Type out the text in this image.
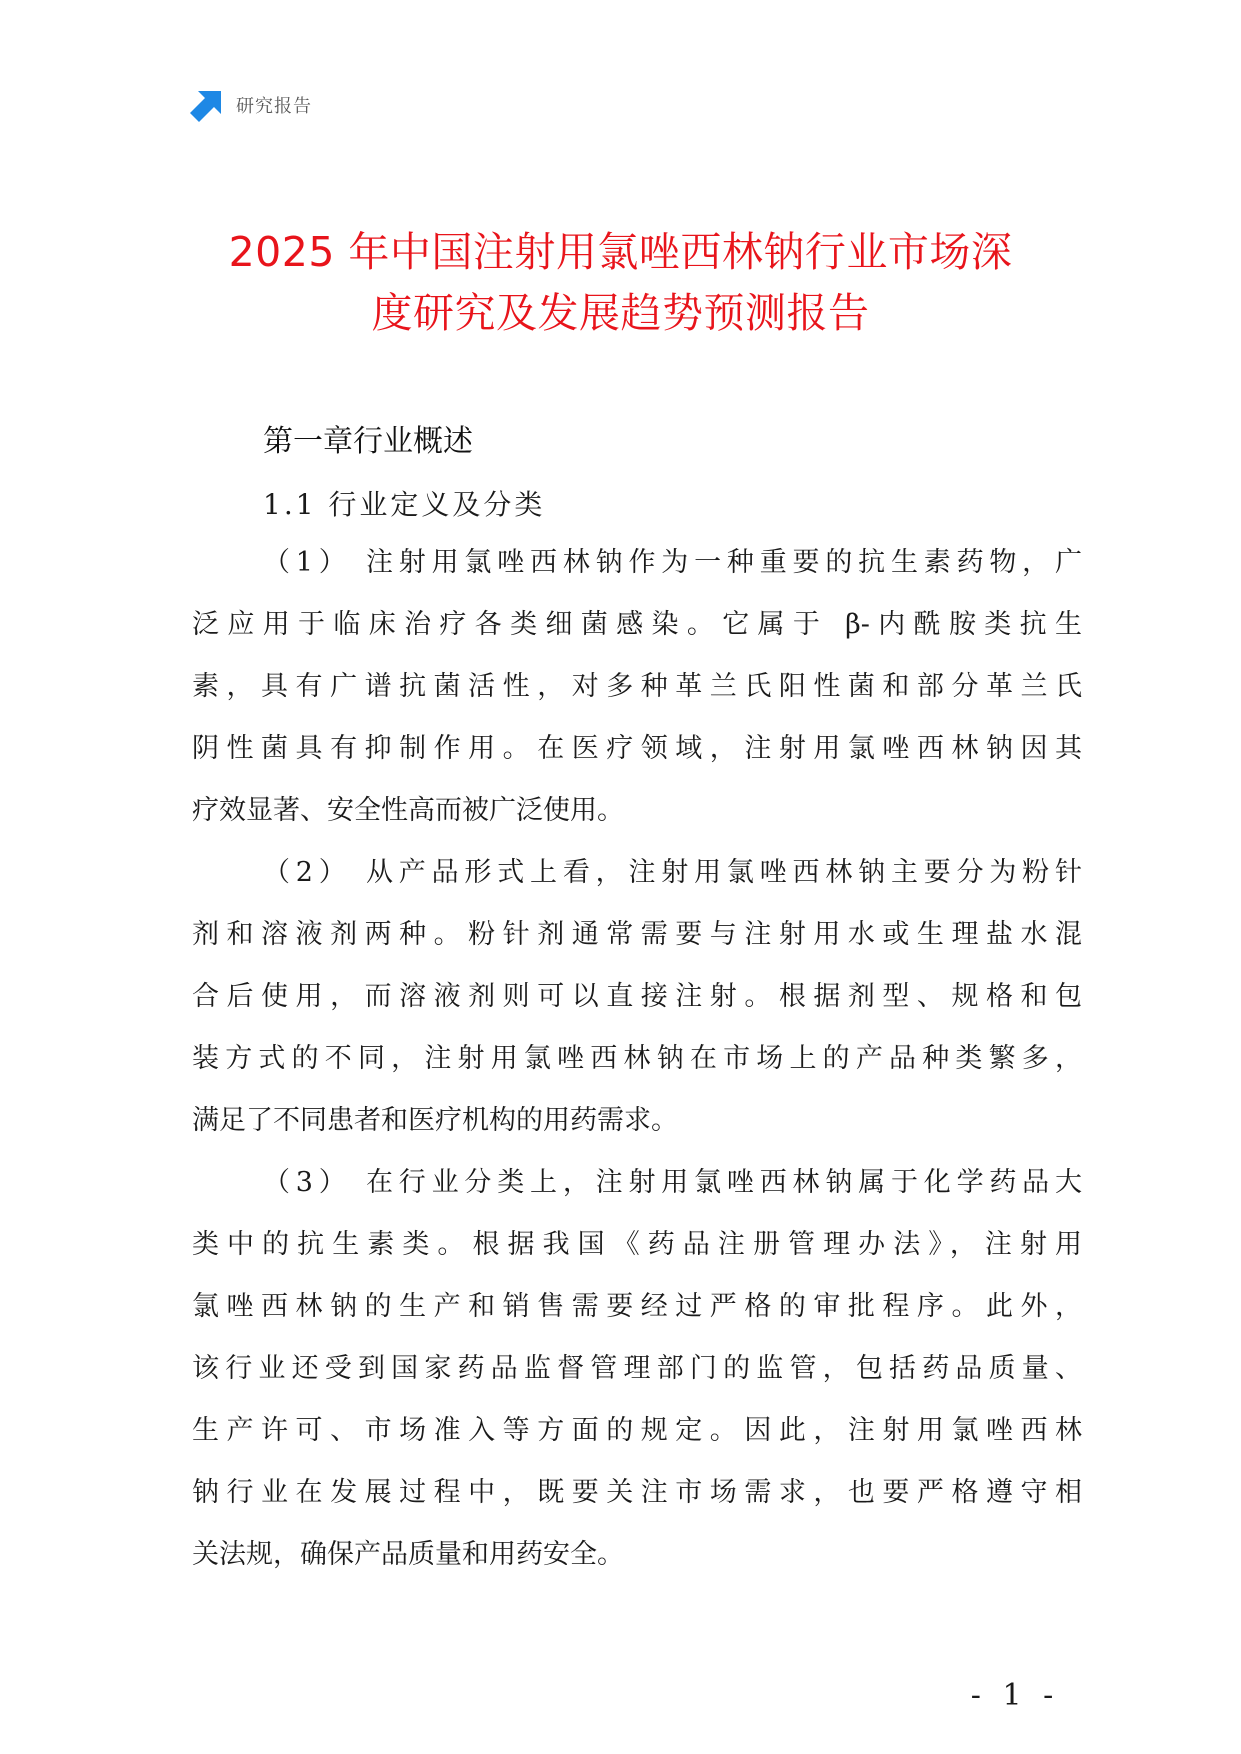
研究报告
2025 年中国注射用氯唑西林钠行业市场深
度研究及发展趋势预测报告
第一章行业概述
1.1 行业定义及分类
（1） 注射用氯唑西林钠作为一种重要的抗生素药物，广
泛应用于临床治疗各类细菌感染。它属于 β-内酰胺类抗生
素，具有广谱抗菌活性，对多种革兰氏阳性菌和部分革兰氏
阴性菌具有抑制作用。在医疗领域，注射用氯唑西林钠因其
疗效显著、安全性高而被广泛使用。
（2） 从产品形式上看，注射用氯唑西林钠主要分为粉针
剂和溶液剂两种。粉针剂通常需要与注射用水或生理盐水混
合后使用，而溶液剂则可以直接注射。根据剂型、规格和包
装方式的不同，注射用氯唑西林钠在市场上的产品种类繁多，
满足了不同患者和医疗机构的用药需求。
（3） 在行业分类上，注射用氯唑西林钠属于化学药品大
类中的抗生素类。根据我国《药品注册管理办法》，注射用
氯唑西林钠的生产和销售需要经过严格的审批程序。此外，
该行业还受到国家药品监督管理部门的监管，包括药品质量、
生产许可、市场准入等方面的规定。因此，注射用氯唑西林
钠行业在发展过程中，既要关注市场需求，也要严格遵守相
关法规，确保产品质量和用药安全。
- 1 -
